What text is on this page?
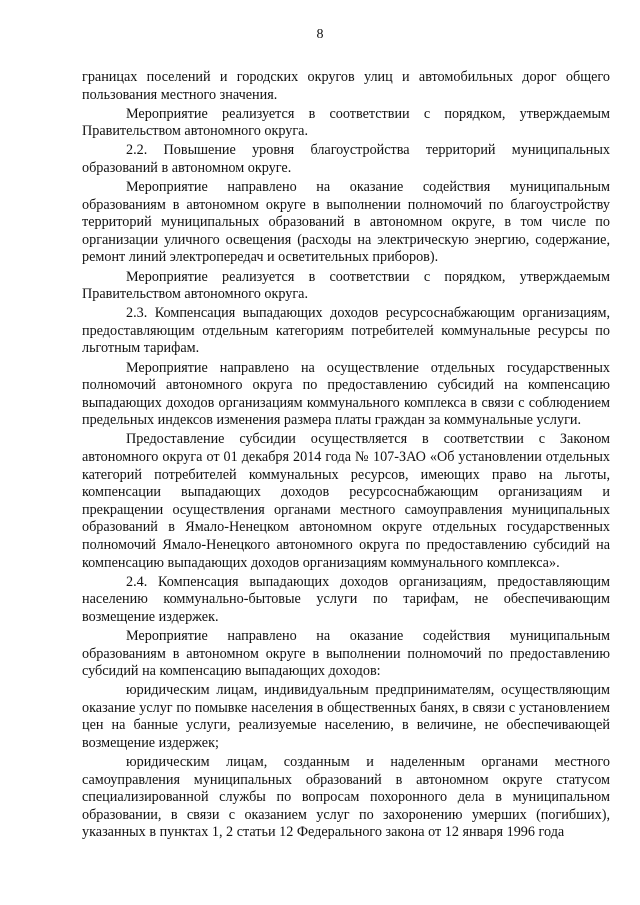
8

границах поселений и городских округов улиц и автомобильных дорог общего пользования местного значения.

Мероприятие реализуется в соответствии с порядком, утверждаемым Правительством автономного округа.

2.2. Повышение уровня благоустройства территорий муниципальных образований в автономном округе.

Мероприятие направлено на оказание содействия муниципальным образованиям в автономном округе в выполнении полномочий по благоустройству территорий муниципальных образований в автономном округе, в том числе по организации уличного освещения (расходы на электрическую энергию, содержание, ремонт линий электропередач и осветительных приборов).

Мероприятие реализуется в соответствии с порядком, утверждаемым Правительством автономного округа.

2.3. Компенсация выпадающих доходов ресурсоснабжающим организациям, предоставляющим отдельным категориям потребителей коммунальные ресурсы по льготным тарифам.

Мероприятие направлено на осуществление отдельных государственных полномочий автономного округа по предоставлению субсидий на компенсацию выпадающих доходов организациям коммунального комплекса в связи с соблюдением предельных индексов изменения размера платы граждан за коммунальные услуги.

Предоставление субсидии осуществляется в соответствии с Законом автономного округа от 01 декабря 2014 года № 107-ЗАО «Об установлении отдельных категорий потребителей коммунальных ресурсов, имеющих право на льготы, компенсации выпадающих доходов ресурсоснабжающим организациям и прекращении осуществления органами местного самоуправления муниципальных образований в Ямало-Ненецком автономном округе отдельных государственных полномочий Ямало-Ненецкого автономного округа по предоставлению субсидий на компенсацию выпадающих доходов организациям коммунального комплекса».

2.4. Компенсация выпадающих доходов организациям, предоставляющим населению коммунально-бытовые услуги по тарифам, не обеспечивающим возмещение издержек.

Мероприятие направлено на оказание содействия муниципальным образованиям в автономном округе в выполнении полномочий по предоставлению субсидий на компенсацию выпадающих доходов:

юридическим лицам, индивидуальным предпринимателям, осуществляющим оказание услуг по помывке населения в общественных банях, в связи с установлением цен на банные услуги, реализуемые населению, в величине, не обеспечивающей возмещение издержек;

юридическим лицам, созданным и наделенным органами местного самоуправления муниципальных образований в автономном округе статусом специализированной службы по вопросам похоронного дела в муниципальном образовании, в связи с оказанием услуг по захоронению умерших (погибших), указанных в пунктах 1, 2 статьи 12 Федерального закона от 12 января 1996 года
